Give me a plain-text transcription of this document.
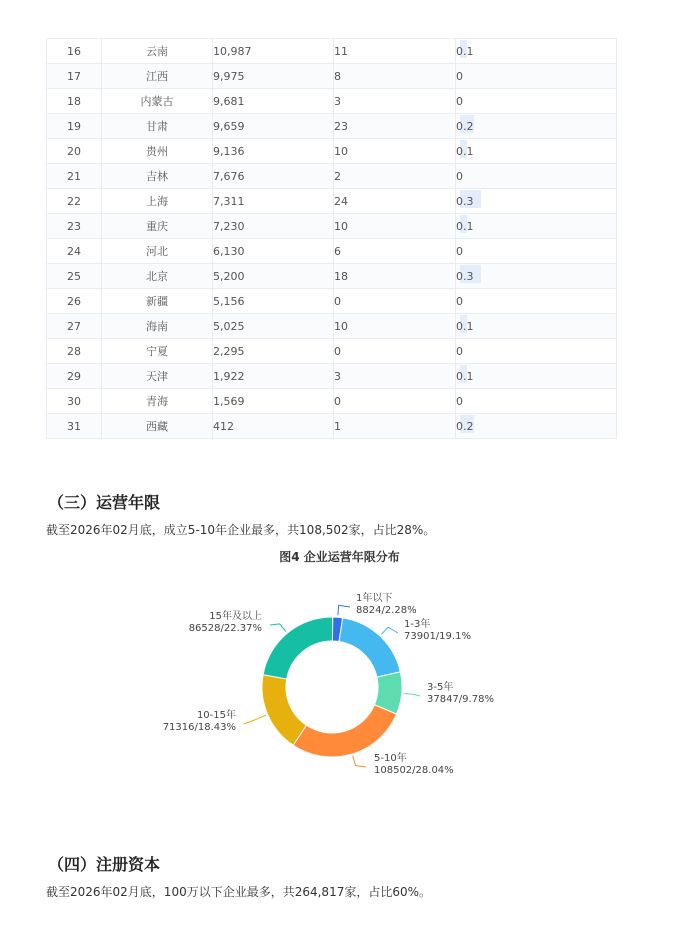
16	云南	10,987	11	0.1
17	江西	9,975	8	0
18	内蒙古	9,681	3	0
19	甘肃	9,659	23	0.2
20	贵州	9,136	10	0.1
21	吉林	7,676	2	0
22	上海	7,311	24	0.3
23	重庆	7,230	10	0.1
24	河北	6,130	6	0
25	北京	5,200	18	0.3
26	新疆	5,156	0	0
27	海南	5,025	10	0.1
28	宁夏	2,295	0	0
29	天津	1,922	3	0.1
30	青海	1,569	0	0
31	西藏	412	1	0.2
（三）运营年限
截至2026年02月底，成立5-10年企业最多，共108,502家，占比28%。
图4 企业运营年限分布
1年以下
8824/2.28%
1-3年
73901/19.1%
3-5年
37847/9.78%
5-10年
108502/28.04%
10-15年
71316/18.43%
15年及以上
86528/22.37%
（四）注册资本
截至2026年02月底，100万以下企业最多，共264,817家，占比60%。
